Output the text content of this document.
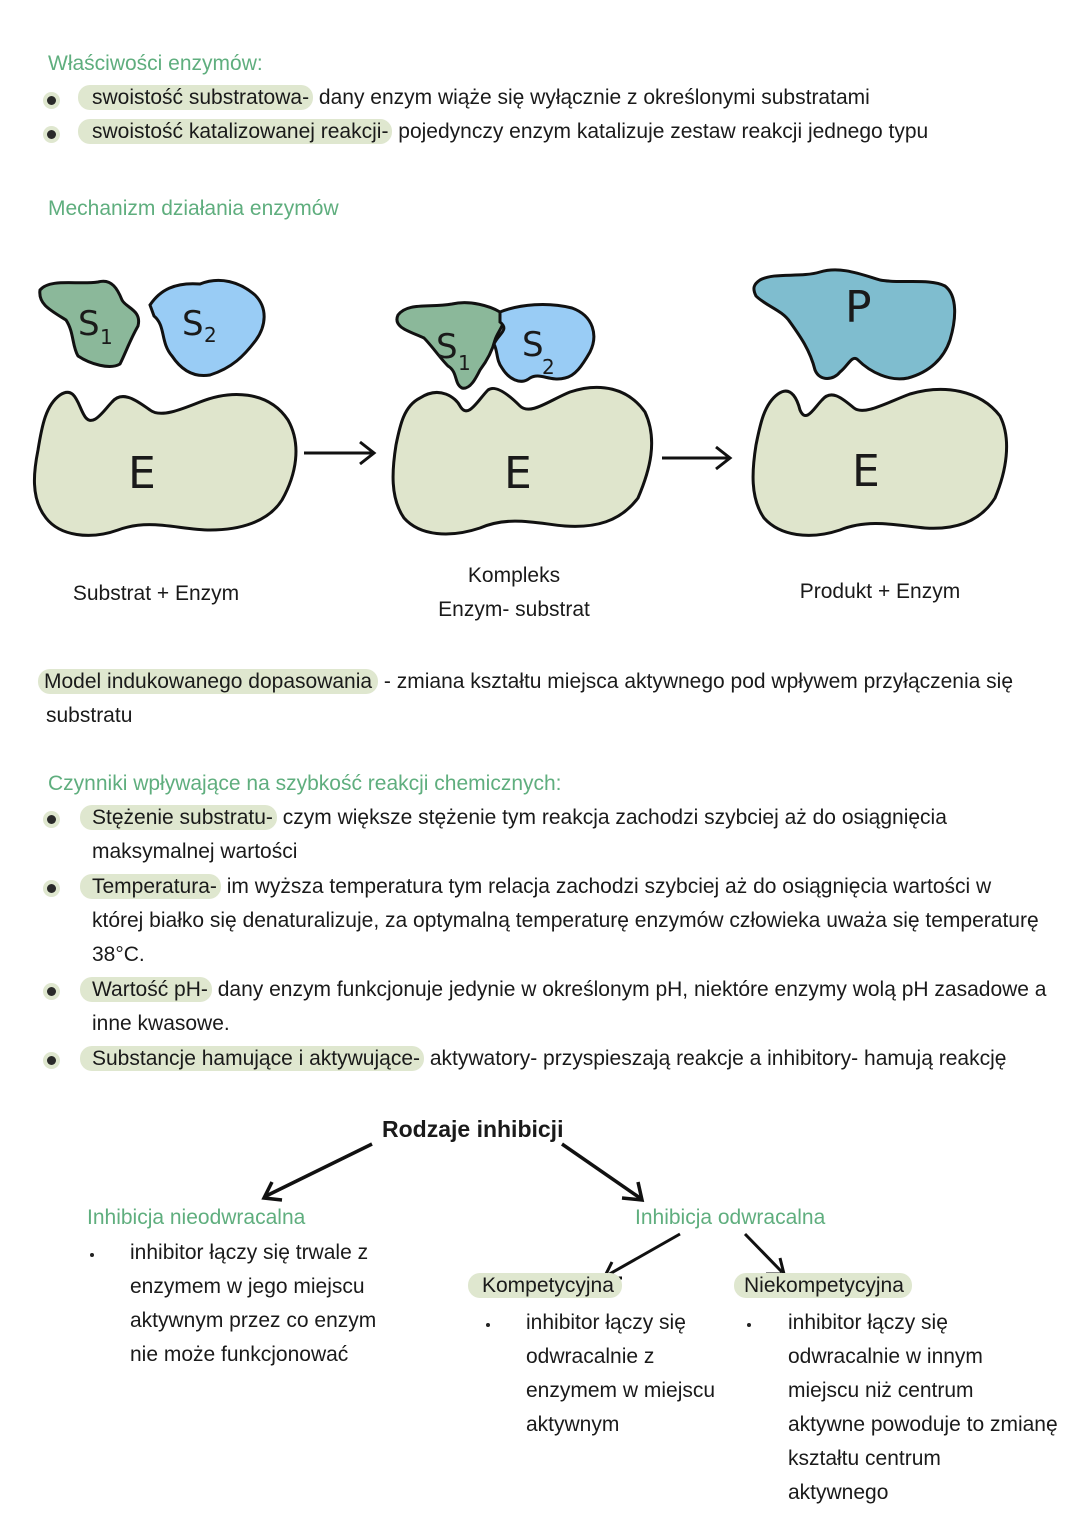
Właściwości enzymów:
swoistość substratowa- dany enzym wiąże się wyłącznie z określonymi substratami
swoistość katalizowanej reakcji- pojedynczy enzym katalizuje zestaw reakcji jednego typu
Mechanizm działania enzymów
S 1 S 2
E
S 1 S
2
E
P
E
Substrat + Enzym
Kompleks
Enzym- substrat
Produkt + Enzym
Model indukowanego dopasowania - zmiana kształtu miejsca aktywnego pod wpływem przyłączenia się
substratu
Czynniki wpływające na szybkość reakcji chemicznych:
Stężenie substratu- czym większe stężenie tym reakcja zachodzi szybciej aż do osiągnięcia
maksymalnej wartości
Temperatura- im wyższa temperatura tym relacja zachodzi szybciej aż do osiągnięcia wartości w
której białko się denaturalizuje, za optymalną temperaturę enzymów człowieka uważa się temperaturę
38°C.
Wartość pH- dany enzym funkcjonuje jedynie w określonym pH, niektóre enzymy wolą pH zasadowe a
inne kwasowe.
Substancje hamujące i aktywujące- aktywatory- przyspieszają reakcje a inhibitory- hamują reakcję
Rodzaje inhibicji
Inhibicja nieodwracalna
inhibitor łączy się trwale z
enzymem w jego miejscu
aktywnym przez co enzym
nie może funkcjonować
Inhibicja odwracalna
Kompetycyjna
inhibitor łączy się
odwracalnie z
enzymem w miejscu
aktywnym
Niekompetycyjna
inhibitor łączy się
odwracalnie w innym
miejscu niż centrum
aktywne powoduje to zmianę
kształtu centrum
aktywnego
